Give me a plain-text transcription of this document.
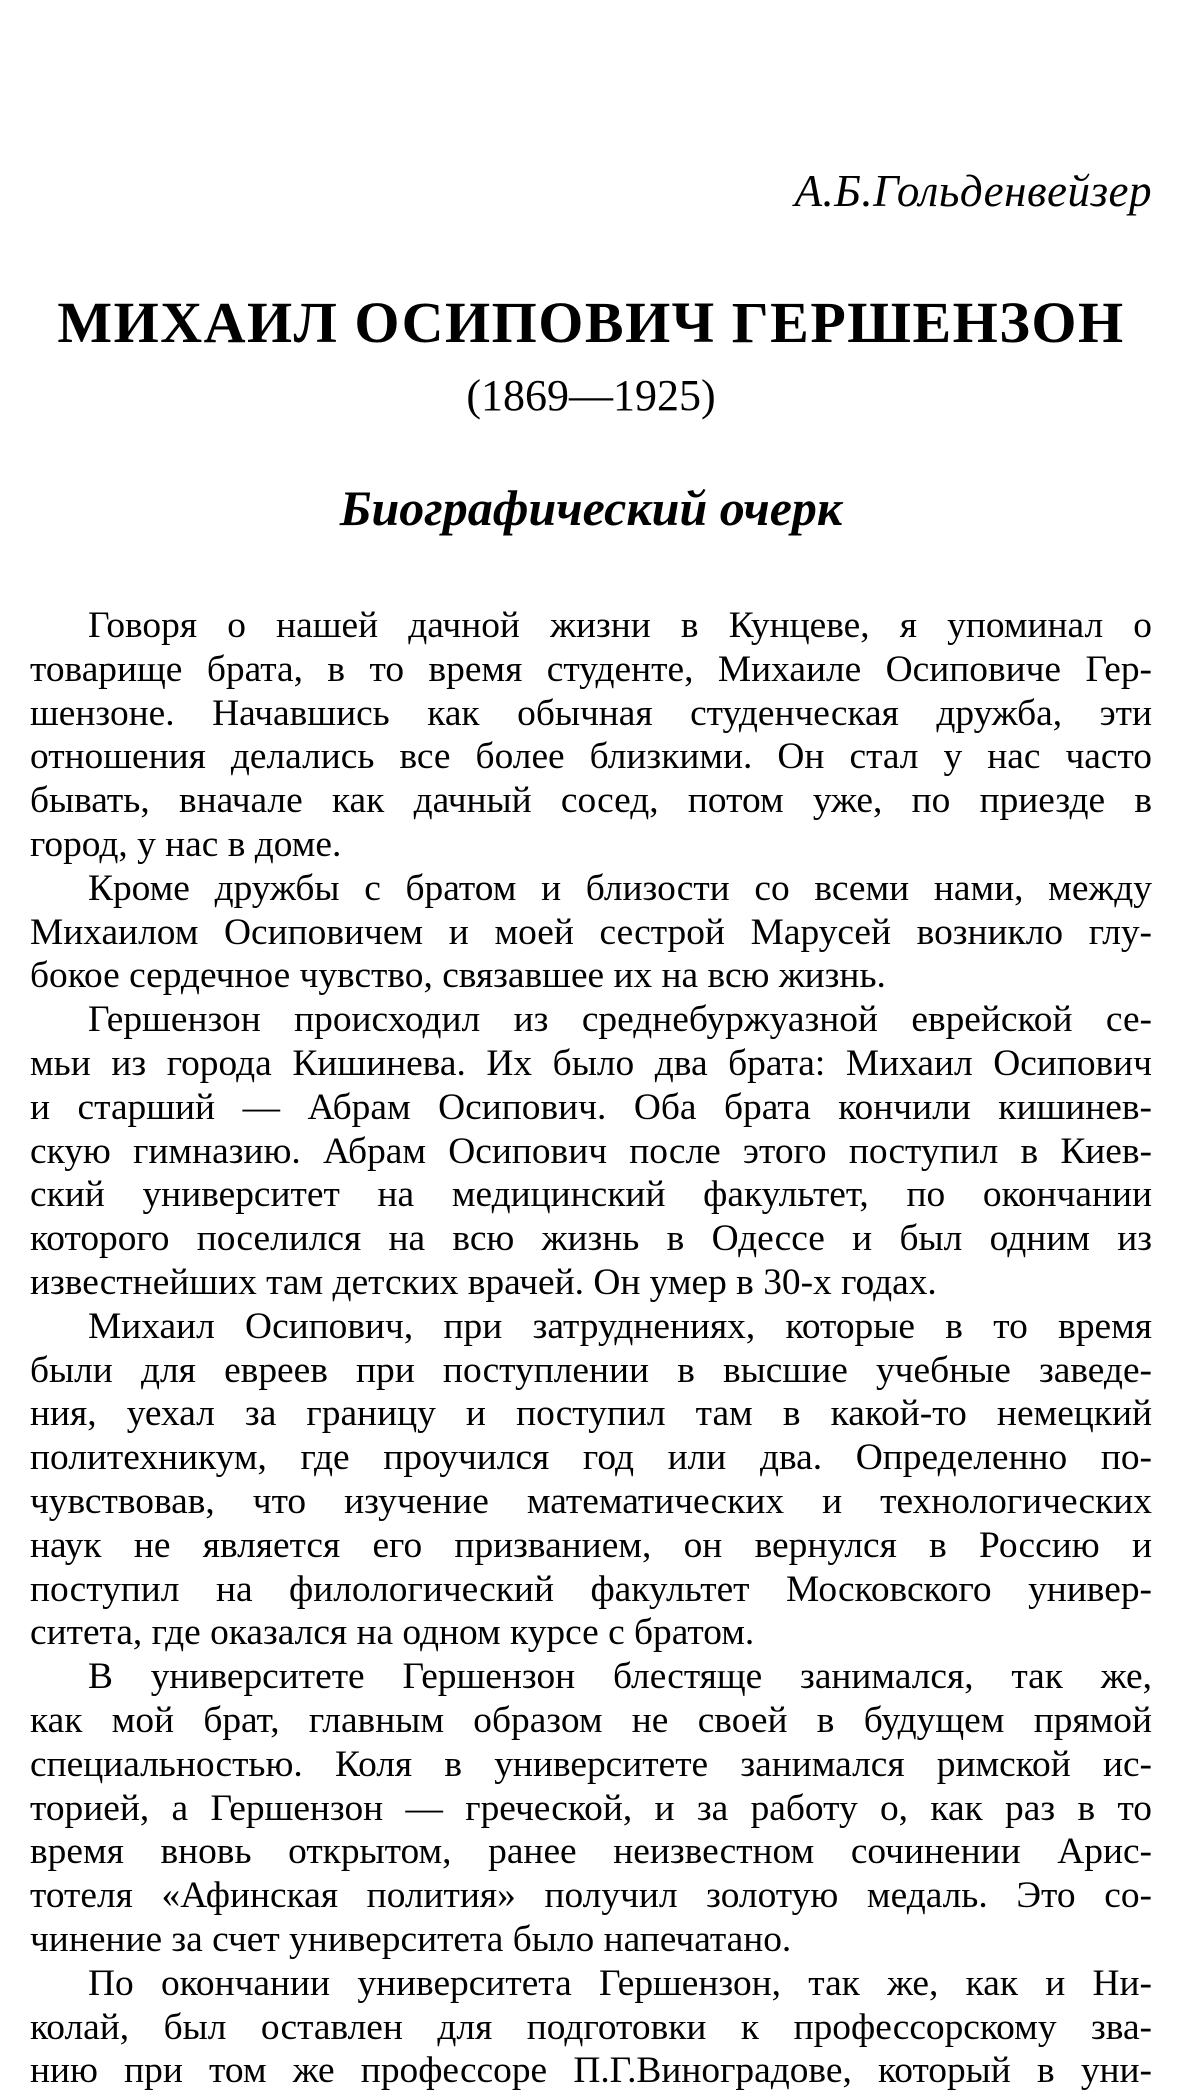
А.Б.Гольденвейзер
МИХАИЛ ОСИПОВИЧ ГЕРШЕНЗОН
(1869—1925)
Биографический очерк

Говоря о нашей дачной жизни в Кунцеве, я упоминал о
товарище брата, в то время студенте, Михаиле Осиповиче Гер-
шензоне. Начавшись как обычная студенческая дружба, эти
отношения делались все более близкими. Он стал у нас часто
бывать, вначале как дачный сосед, потом уже, по приезде в
город, у нас в доме.

Кроме дружбы с братом и близости со всеми нами, между
Михаилом Осиповичем и моей сестрой Марусей возникло глу-
бокое сердечное чувство, связавшее их на всю жизнь.

Гершензон происходил из среднебуржуазной еврейской се-
мьи из города Кишинева. Их было два брата: Михаил Осипович
и старший — Абрам Осипович. Оба брата кончили кишинев-
скую гимназию. Абрам Осипович после этого поступил в Киев-
ский университет на медицинский факультет, по окончании
которого поселился на всю жизнь в Одессе и был одним из
известнейших там детских врачей. Он умер в 30-х годах.

Михаил Осипович, при затруднениях, которые в то время
были для евреев при поступлении в высшие учебные заведе-
ния, уехал за границу и поступил там в какой-то немецкий
политехникум, где проучился год или два. Определенно по-
чувствовав, что изучение математических и технологических
наук не является его призванием, он вернулся в Россию и
поступил на филологический факультет Московского универ-
ситета, где оказался на одном курсе с братом.

В университете Гершензон блестяще занимался, так же,
как мой брат, главным образом не своей в будущем прямой
специальностью. Коля в университете занимался римской ис-
торией, а Гершензон — греческой, и за работу о, как раз в то
время вновь открытом, ранее неизвестном сочинении Арис-
тотеля «Афинская полития» получил золотую медаль. Это со-
чинение за счет университета было напечатано.

По окончании университета Гершензон, так же, как и Ни-
колай, был оставлен для подготовки к профессорскому зва-
нию при том же профессоре П.Г.Виноградове, который в уни-
